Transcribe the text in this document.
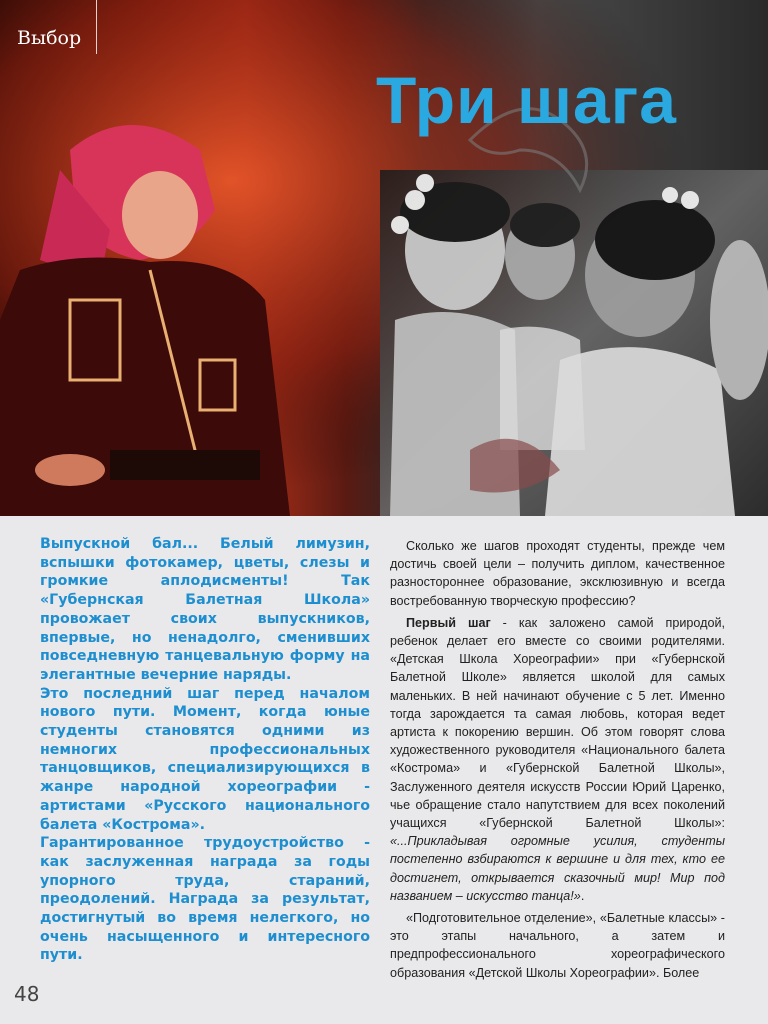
Выбор
Три шага

Выпускной бал... Белый лимузин, вспышки фотокамер, цветы, слезы и громкие аплодисменты! Так «Губернская Балетная Школа» провожает своих выпускников, впервые, но ненадолго, сменивших повседневную танцевальную форму на элегантные вечерние наряды.

Это последний шаг перед началом нового пути. Момент, когда юные студенты становятся одними из немногих профессиональных танцовщиков, специализирующихся в жанре народной хореографии - артистами «Русского национального балета «Кострома».

Гарантированное трудоустройство - как заслуженная награда за годы упорного труда, стараний, преодолений. Награда за результат, достигнутый во время нелегкого, но очень насыщенного и интересного пути.

Сколько же шагов проходят студенты, прежде чем достичь своей цели – получить диплом, качественное разностороннее образование, эксклюзивную и всегда востребованную творческую профессию?

Первый шаг - как заложено самой природой, ребенок делает его вместе со своими родителями. «Детская Школа Хореографии» при «Губернской Балетной Школе» является школой для самых маленьких. В ней начинают обучение с 5 лет. Именно тогда зарождается та самая любовь, которая ведет артиста к покорению вершин. Об этом говорят слова художественного руководителя «Национального балета «Кострома» и «Губернской Балетной Школы», Заслуженного деятеля искусств России Юрий Царенко, чье обращение стало напутствием для всех поколений учащихся «Губернской Балетной Школы»: «...Прикладывая огромные усилия, студенты постепенно взбираются к вершине и для тех, кто ее достигнет, открывается сказочный мир! Мир под названием – искусство танца!».

«Подготовительное отделение», «Балетные классы» - это этапы начального, а затем и предпрофессионального хореографического образования «Детской Школы Хореографии». Более

48
